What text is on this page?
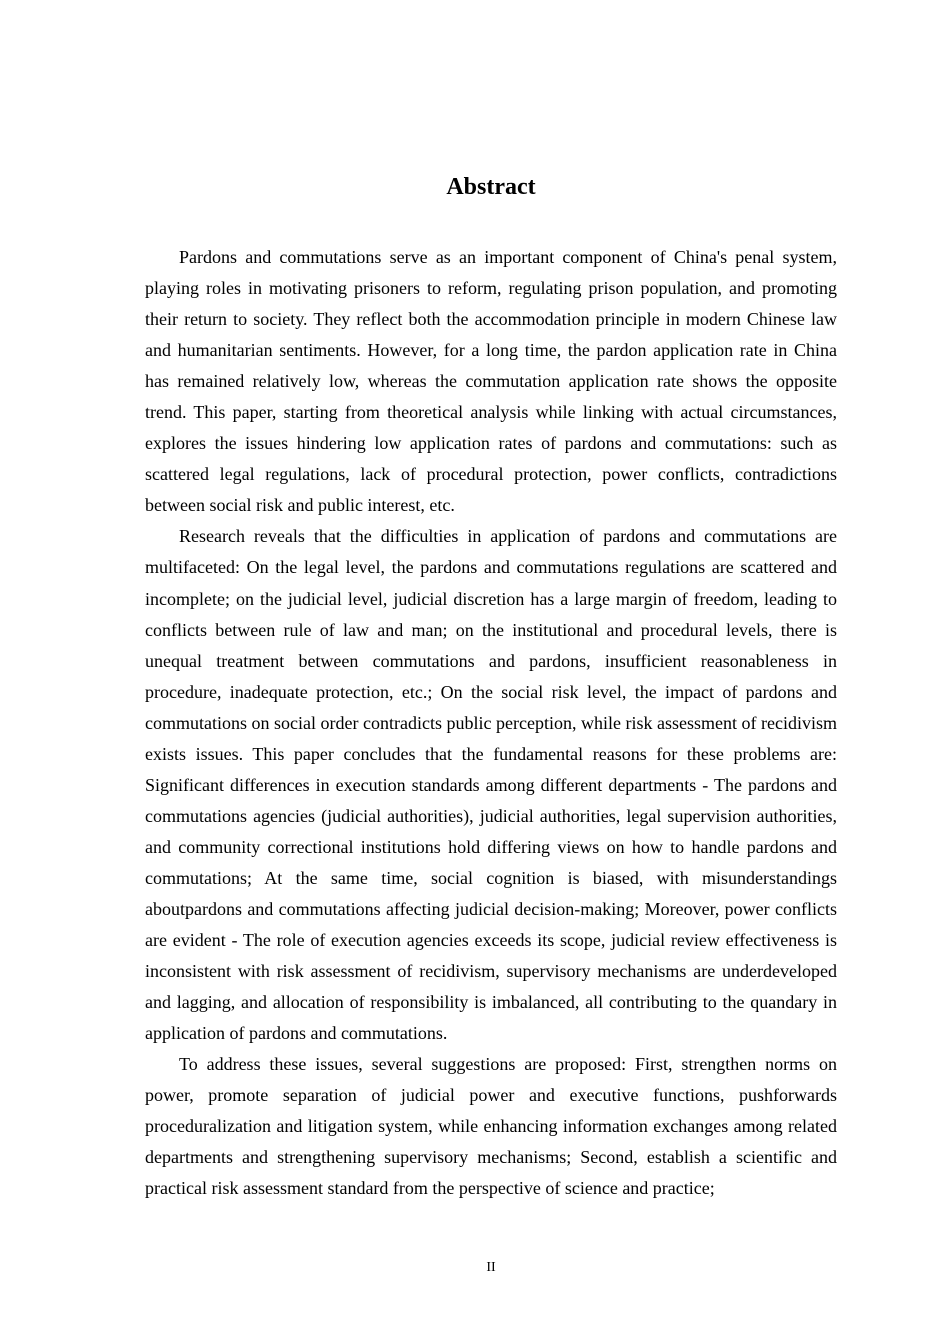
Abstract

Pardons and commutations serve as an important component of China's penal system, playing roles in motivating prisoners to reform, regulating prison population, and promoting their return to society. They reflect both the accommodation principle in modern Chinese law and humanitarian sentiments. However, for a long time, the pardon application rate in China has remained relatively low, whereas the commutation application rate shows the opposite trend. This paper, starting from theoretical analysis while linking with actual circumstances, explores the issues hindering low application rates of pardons and commutations: such as scattered legal regulations, lack of procedural protection, power conflicts, contradictions between social risk and public interest, etc.

Research reveals that the difficulties in application of pardons and commutations are multifaceted: On the legal level, the pardons and commutations regulations are scattered and incomplete; on the judicial level, judicial discretion has a large margin of freedom, leading to conflicts between rule of law and man; on the institutional and procedural levels, there is unequal treatment between commutations and pardons, insufficient reasonableness in procedure, inadequate protection, etc.; On the social risk level, the impact of pardons and commutations on social order contradicts public perception, while risk assessment of recidivism exists issues. This paper concludes that the fundamental reasons for these problems are: Significant differences in execution standards among different departments - The pardons and commutations agencies (judicial authorities), judicial authorities, legal supervision authorities, and community correctional institutions hold differing views on how to handle pardons and commutations; At the same time, social cognition is biased, with misunderstandings aboutpardons and commutations affecting judicial decision-making; Moreover, power conflicts are evident - The role of execution agencies exceeds its scope, judicial review effectiveness is inconsistent with risk assessment of recidivism, supervisory mechanisms are underdeveloped and lagging, and allocation of responsibility is imbalanced, all contributing to the quandary in application of pardons and commutations.

To address these issues, several suggestions are proposed: First, strengthen norms on power, promote separation of judicial power and executive functions, pushforwards proceduralization and litigation system, while enhancing information exchanges among related departments and strengthening supervisory mechanisms; Second, establish a scientific and practical risk assessment standard from the perspective of science and practice;

II
